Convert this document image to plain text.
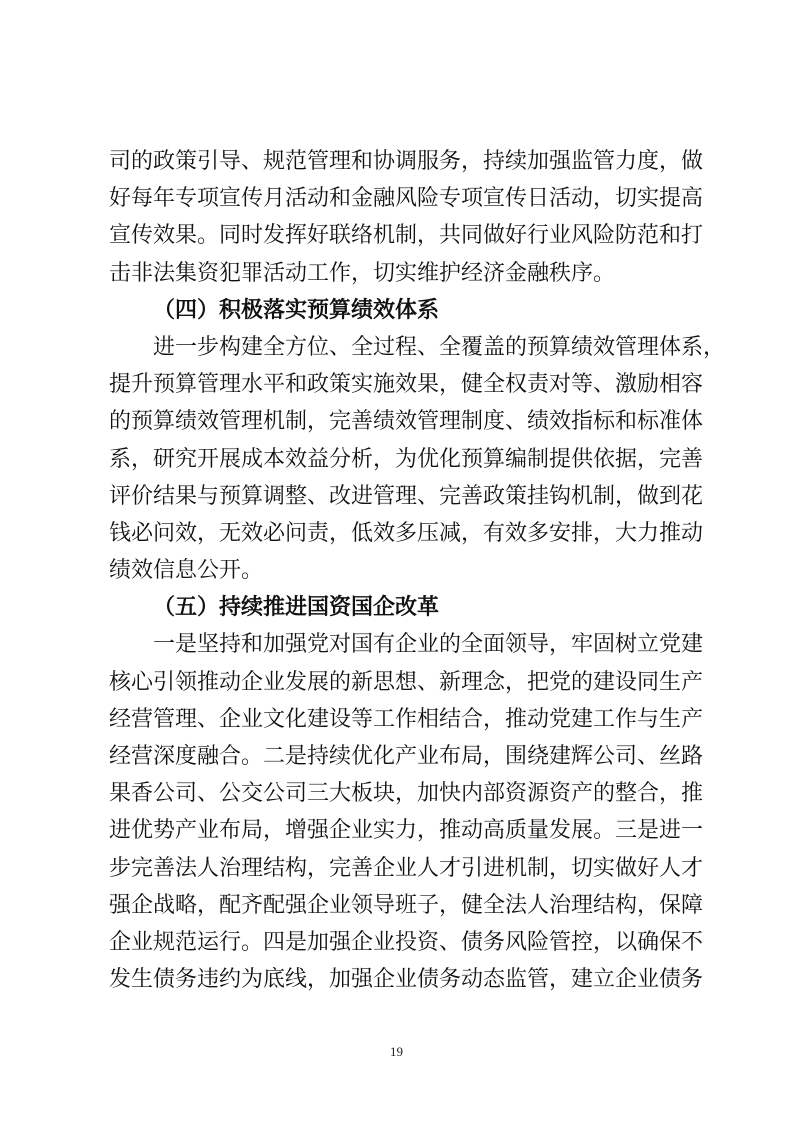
司的政策引导、规范管理和协调服务，持续加强监管力度，做
好每年专项宣传月活动和金融风险专项宣传日活动，切实提高
宣传效果。同时发挥好联络机制，共同做好行业风险防范和打
击非法集资犯罪活动工作，切实维护经济金融秩序。
（四）积极落实预算绩效体系
进一步构建全方位、全过程、全覆盖的预算绩效管理体系，
提升预算管理水平和政策实施效果，健全权责对等、激励相容
的预算绩效管理机制，完善绩效管理制度、绩效指标和标准体
系，研究开展成本效益分析，为优化预算编制提供依据，完善
评价结果与预算调整、改进管理、完善政策挂钩机制，做到花
钱必问效，无效必问责，低效多压减，有效多安排，大力推动
绩效信息公开。
（五）持续推进国资国企改革
一是坚持和加强党对国有企业的全面领导，牢固树立党建
核心引领推动企业发展的新思想、新理念，把党的建设同生产
经营管理、企业文化建设等工作相结合，推动党建工作与生产
经营深度融合。二是持续优化产业布局，围绕建辉公司、丝路
果香公司、公交公司三大板块，加快内部资源资产的整合，推
进优势产业布局，增强企业实力，推动高质量发展。三是进一
步完善法人治理结构，完善企业人才引进机制，切实做好人才
强企战略，配齐配强企业领导班子，健全法人治理结构，保障
企业规范运行。四是加强企业投资、债务风险管控，以确保不
发生债务违约为底线，加强企业债务动态监管，建立企业债务
19
